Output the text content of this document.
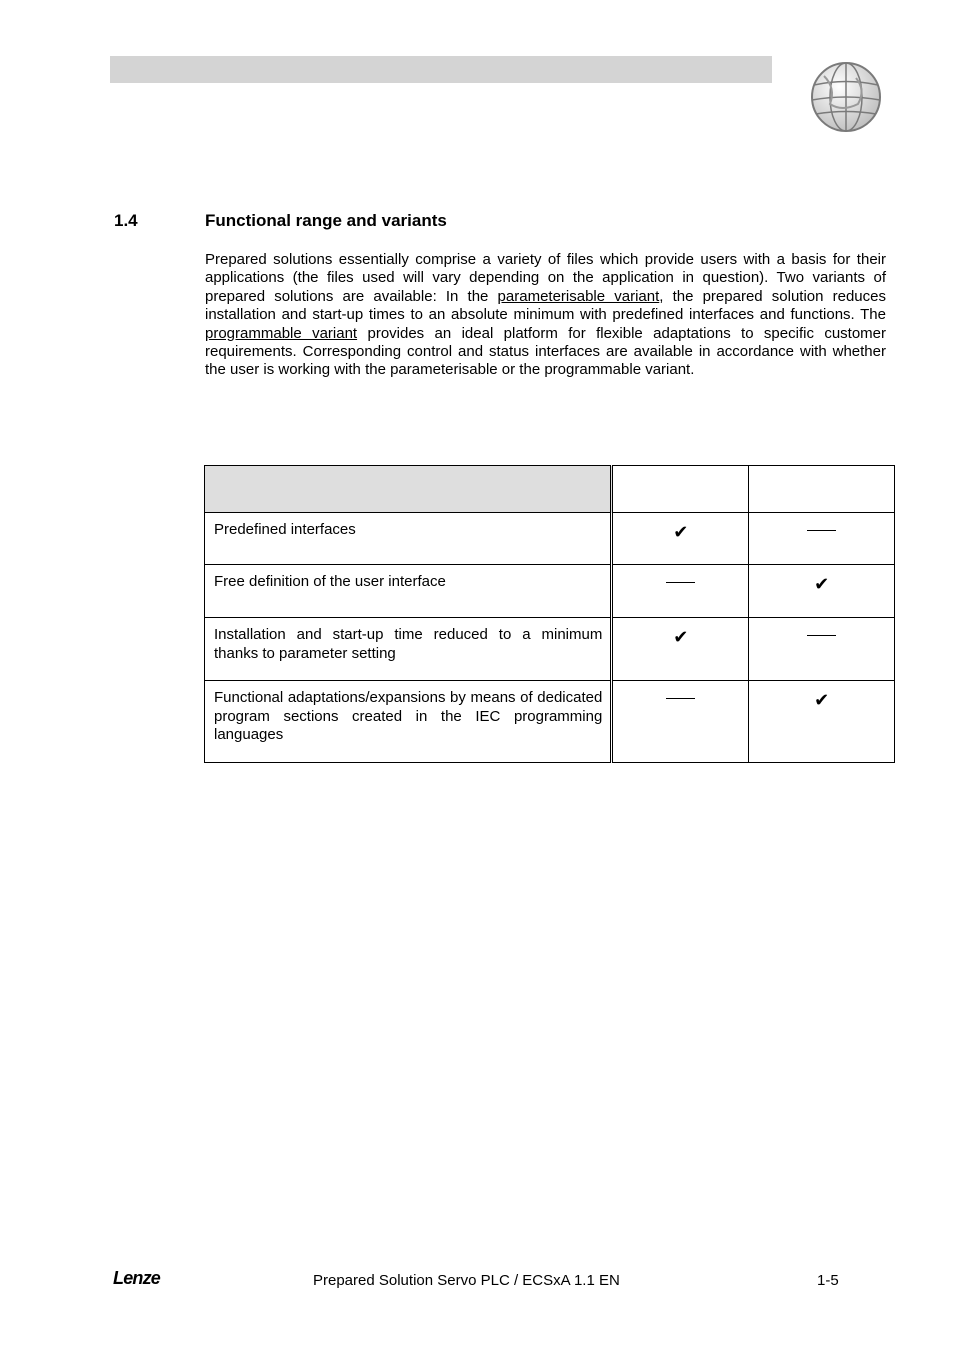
1.4	Functional range and variants
Prepared solutions essentially comprise a variety of files which provide users with a basis for their applications (the files used will vary depending on the application in question). Two variants of prepared solutions are available: In the parameterisable variant, the prepared solution reduces installation and start-up times to an absolute minimum with predefined interfaces and functions. The programmable variant provides an ideal platform for flexible adaptations to specific customer requirements. Corresponding control and status interfaces are available in accordance with whether the user is working with the parameterisable or the programmable variant.

Predefined interfaces	✔	
Free definition of the user interface		✔
Installation and start-up time reduced to a minimum thanks to parameter setting	✔	
Functional adaptations/expansions by means of dedicated program sections created in the IEC programming languages		✔
Lenze	Prepared Solution Servo PLC / ECSxA 1.1 EN	1-5
